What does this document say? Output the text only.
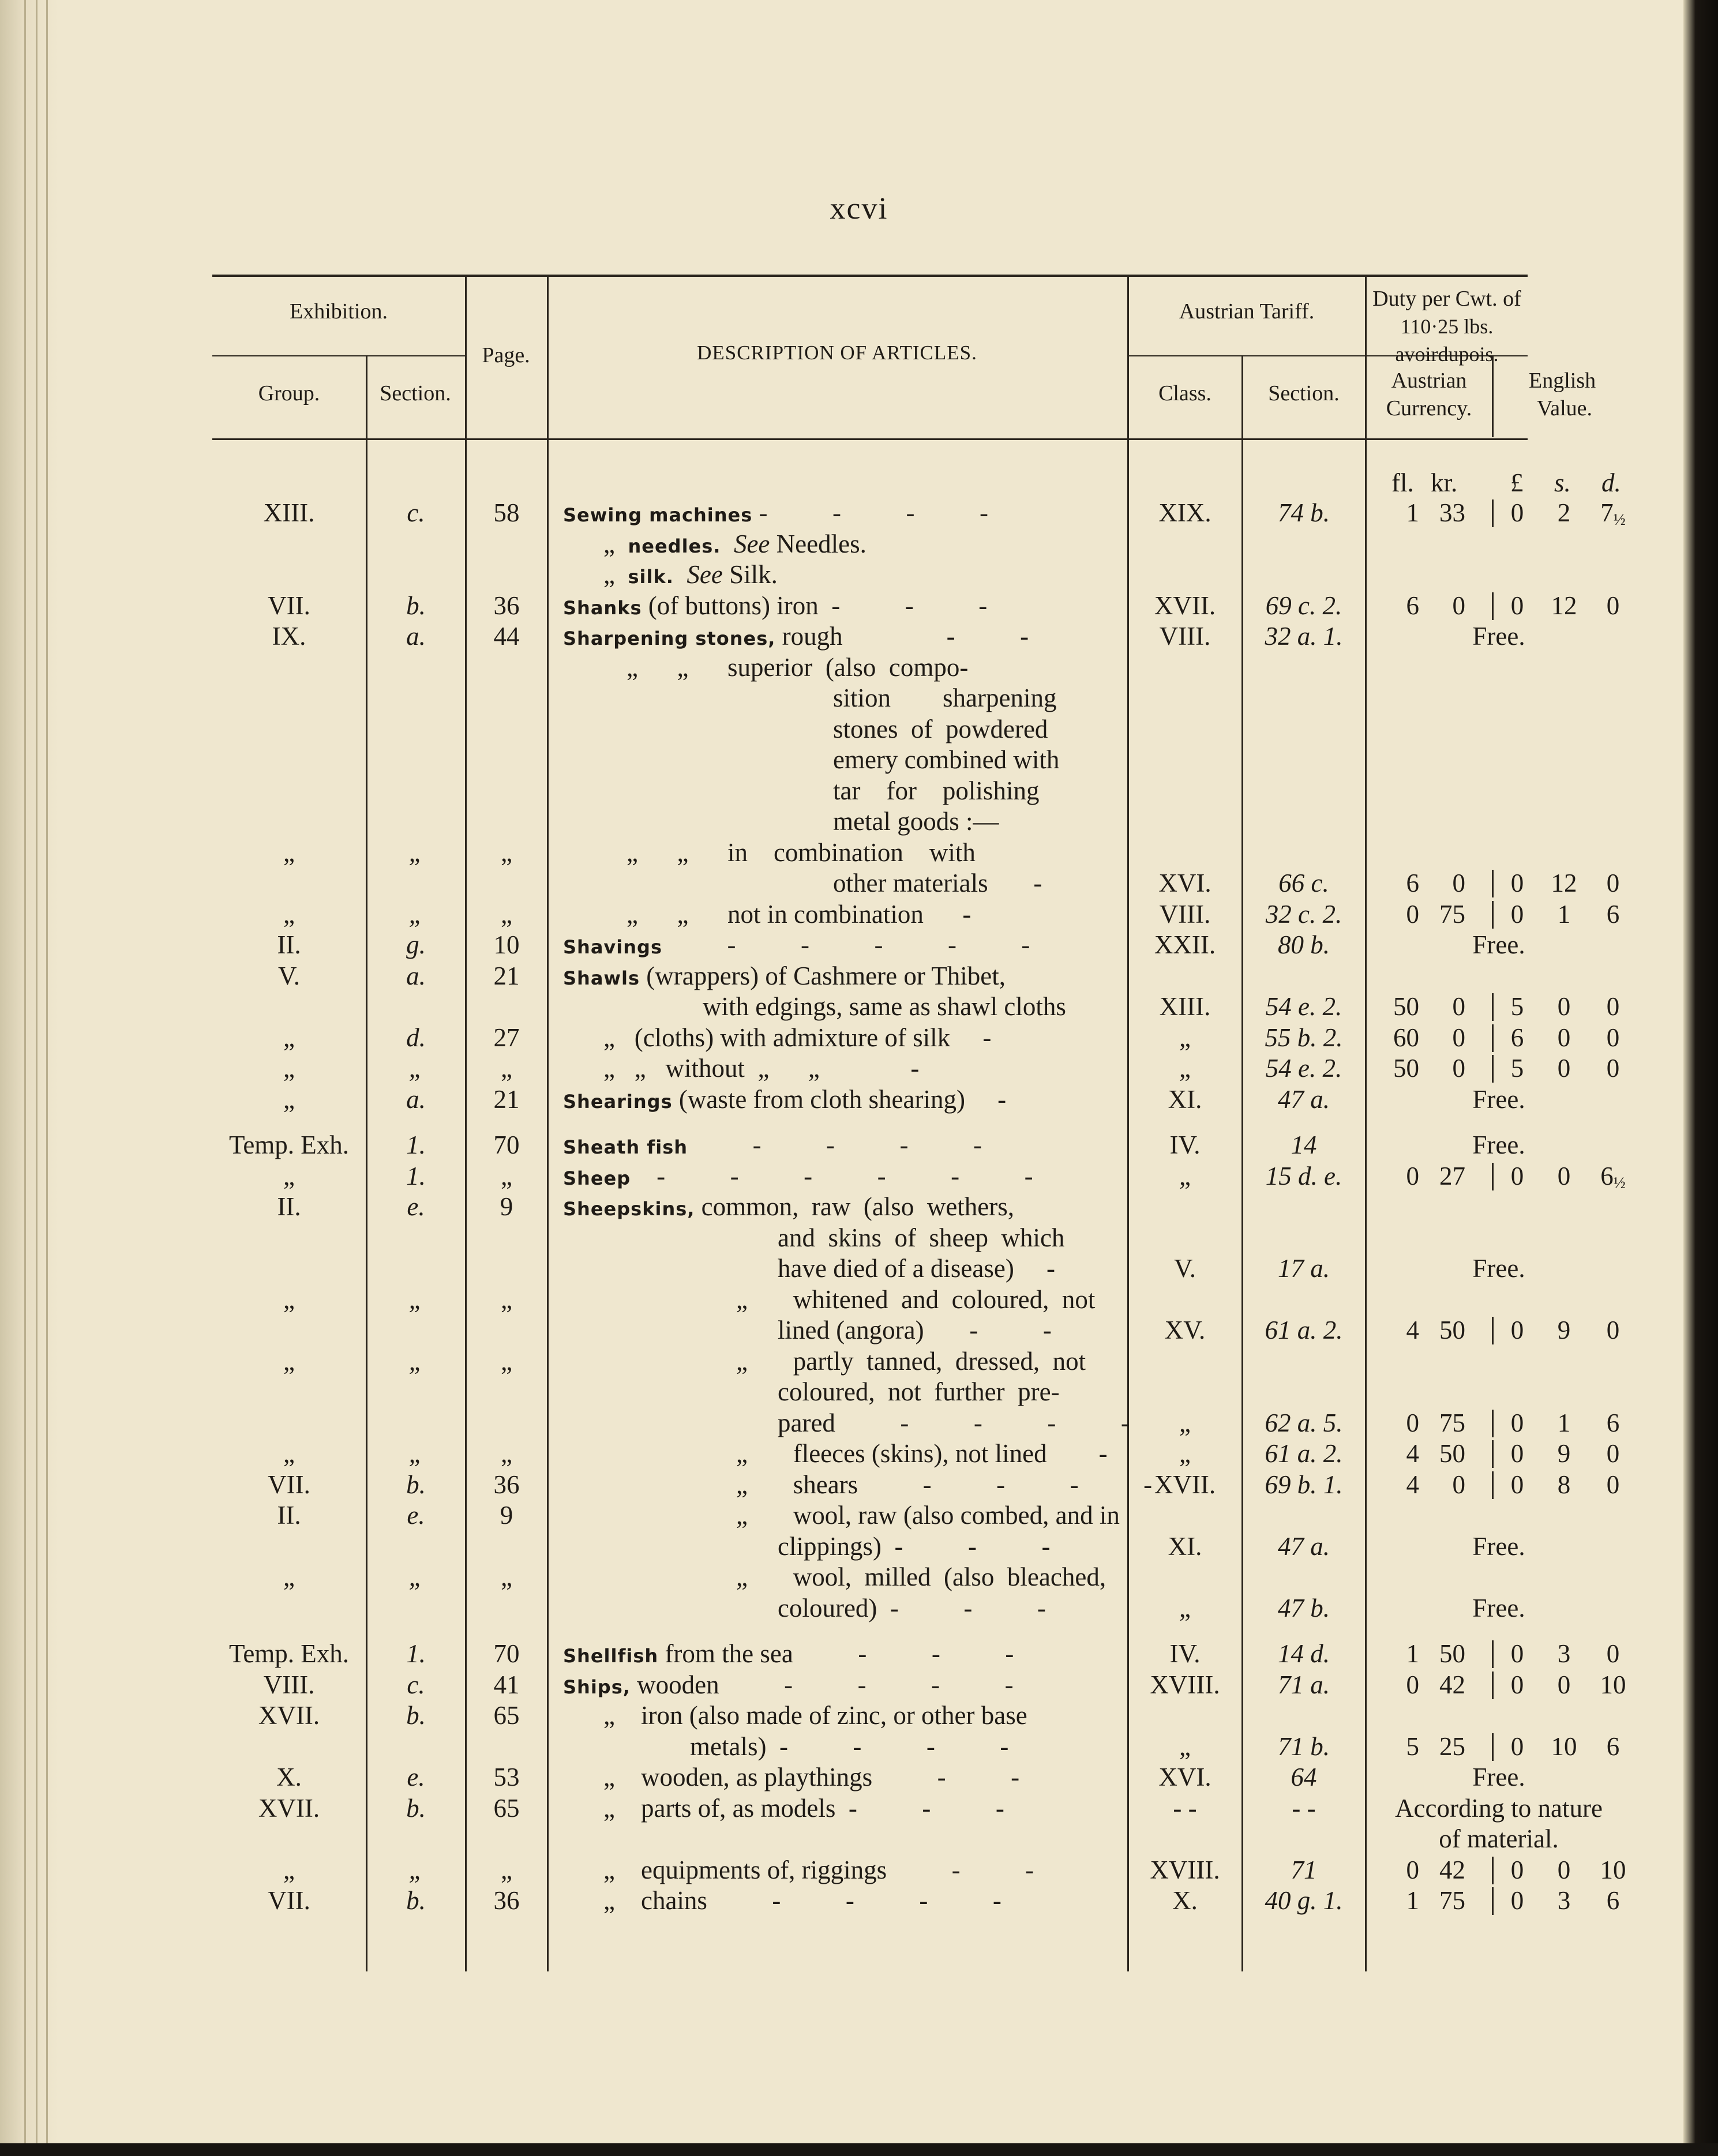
xcvi
Exhibition.
Group.	Section.
Page.	DESCRIPTION OF ARTICLES.
Austrian Tariff.
Class.	Section.
Duty per Cwt. of
110·25 lbs. avoirdupois.
Austrian
Currency.
English
Value.
fl. kr. £ s. d.
XIII.	c.	58	Sewing machines -          -          -          -	XIX.	74 b.	1 33	0	2	7½
„  needles. See Needles.
„  silk. See Silk.
VII.	b.	36	Shanks (of buttons) iron  -          -          -	XVII.	69 c. 2.	6	0	0	12	0
IX.	a.	44	Sharpening stones, rough                -          -	VIII.	32 a. 1.	Free.
„      „      superior  (also  compo-
sition        sharpening
stones  of  powdered
emery combined with
tar    for    polishing
metal goods :—
„	„	„	„      „      in    combination    with
other materials       -	XVI.	66 c.	6	0	0	12	0
„	„	„	„      „      not in combination      -	VIII.	32 c. 2.	0 75	0	1	6
II.	g.	10	Shavings          -          -          -          -          -	XXII.	80 b.	Free.
V.	a.	21	Shawls (wrappers) of Cashmere or Thibet,
with edgings, same as shawl cloths	XIII.	54 e. 2.	50	0	5	0	0
„	d.	27	„   (cloths) with admixture of silk     -	„	55 b. 2.	60	0	6	0	0
„	„	„	„   „   without  „      „              -	„	54 e. 2.	50	0	5	0	0
„	a.	21	Shearings (waste from cloth shearing)     -	XI.	47 a.	Free.
Temp. Exh.	1.	70	Sheath fish          -          -          -          -	IV.	14	Free.
„	1.	„	Sheep    -          -          -          -          -          -	„	15 d. e.	0 27	0	0	6½
II.	e.	9	Sheepskins, common,  raw  (also  wethers,
and  skins  of  sheep  which
have died of a disease)     -	V.	17 a.	Free.
„	„	„	„       whitened  and  coloured,  not
lined (angora)       -          -	XV.	61 a. 2.	4 50	0	9	0
„	„	„	„       partly  tanned,  dressed,  not
coloured,  not  further  pre-
pared          -          -          -          -	„	62 a. 5.	0 75	0	1	6
„	„	„	„       fleeces (skins), not lined        -	„	61 a. 2.	4 50	0	9	0
VII.	b.	36	„       shears          -          -          -          - XVII.	69 b. 1.	4	0	0	8	0
II.	e.	9	„       wool, raw (also combed, and in
clippings)  -          -          -	XI.	47 a.	Free.
„	„	„	„       wool,  milled  (also  bleached,
coloured)  -          -          -	„	47 b.	Free.
Temp. Exh.	1.	70	Shellfish from the sea          -          -          -	IV.	14 d.	1 50	0	3	0
VIII.	c.	41	Ships, wooden          -          -          -          -	XVIII.	71 a.	0 42	0	0	10
XVII.	b.	65	„    iron (also made of zinc, or other base
metals)  -          -          -          -	„	71 b.	5 25	0	10	6
X.	e.	53	„    wooden, as playthings          -          -	XVI.	64	Free.
XVII.	b.	65	„    parts of, as models  -          -          -	- -	- -	According to nature
of material.
„	„	„	„    equipments of, riggings          -          -	XVIII.	71	0 42	0	0	10
VII.	b.	36	„    chains          -          -          -          -	X.	40 g. 1.	1 75	0	3	6
